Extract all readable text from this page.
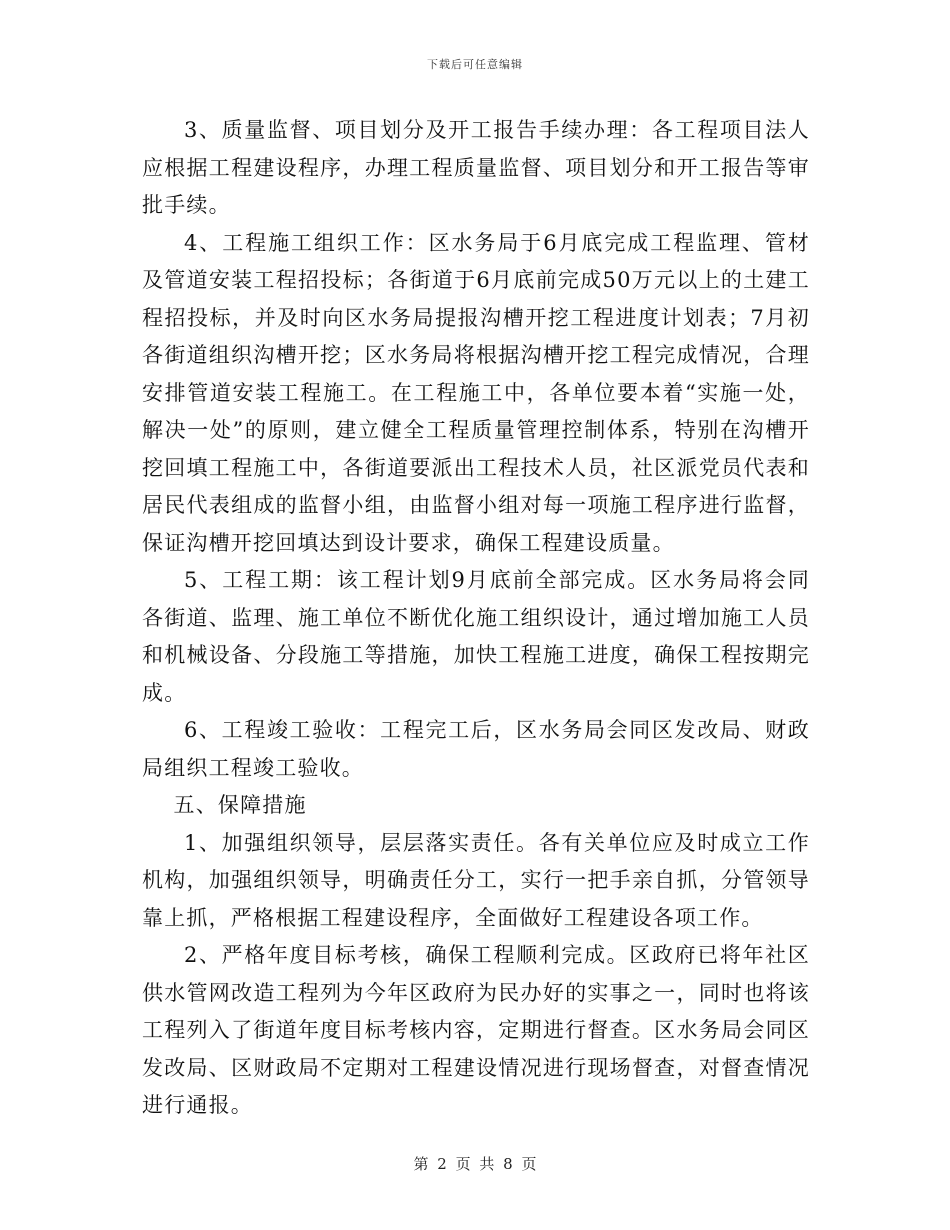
下载后可任意编辑

3、质量监督、项目划分及开工报告手续办理：各工程项目法人应根据工程建设程序，办理工程质量监督、项目划分和开工报告等审批手续。

4、工程施工组织工作：区水务局于6月底完成工程监理、管材及管道安装工程招投标；各街道于6月底前完成50万元以上的土建工程招投标，并及时向区水务局提报沟槽开挖工程进度计划表；7月初各街道组织沟槽开挖；区水务局将根据沟槽开挖工程完成情况，合理安排管道安装工程施工。在工程施工中，各单位要本着“实施一处，解决一处”的原则，建立健全工程质量管理控制体系，特别在沟槽开挖回填工程施工中，各街道要派出工程技术人员，社区派党员代表和居民代表组成的监督小组，由监督小组对每一项施工程序进行监督，保证沟槽开挖回填达到设计要求，确保工程建设质量。

5、工程工期：该工程计划9月底前全部完成。区水务局将会同各街道、监理、施工单位不断优化施工组织设计，通过增加施工人员和机械设备、分段施工等措施，加快工程施工进度，确保工程按期完成。

6、工程竣工验收：工程完工后，区水务局会同区发改局、财政局组织工程竣工验收。

五、保障措施

1、加强组织领导，层层落实责任。各有关单位应及时成立工作机构，加强组织领导，明确责任分工，实行一把手亲自抓，分管领导靠上抓，严格根据工程建设程序，全面做好工程建设各项工作。

2、严格年度目标考核，确保工程顺利完成。区政府已将年社区供水管网改造工程列为今年区政府为民办好的实事之一，同时也将该工程列入了街道年度目标考核内容，定期进行督查。区水务局会同区发改局、区财政局不定期对工程建设情况进行现场督查，对督查情况进行通报。

第 2 页 共 8 页
